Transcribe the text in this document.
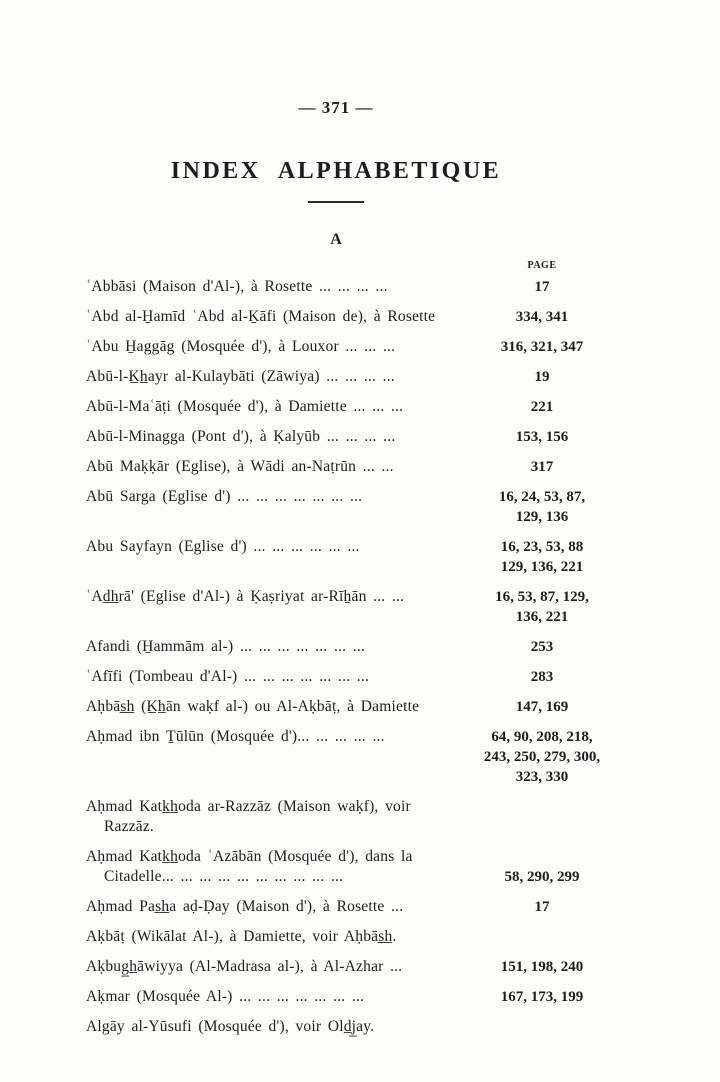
— 371 —
INDEX ALPHABETIQUE
A
PAGE
ʿAbbāsi (Maison d'Al-), à Rosette ... ... ... ...	17
ʿAbd al-H̱amīd ʿAbd al-Ḵāfi (Maison de), à Rosette	334, 341
ʿAbu H̱aggāg (Mosquée d'), à Louxor ... ... ...	316, 321, 347
Abū-l-K̲h̲ayr al-Kulaybāti (Zāwiya) ... ... ... ...	19
Abū-l-Maʿāṭi (Mosquée d'), à Damiette ... ... ...	221
Abū-l-Minagga (Pont d'), à Ḳalyūb ... ... ... ...	153, 156
Abū Maḳḳār (Eglise), à Wādi an-Naṭrūn ... ...	317
Abū Sarga (Eglise d') ... ... ... ... ... ... ...	16, 24, 53, 87,
129, 136
Abu Sayfayn (Eglise d') ... ... ... ... ... ...	16, 23, 53, 88
129, 136, 221
ʿAd̲h̲rā' (Eglise d'Al-) à Ḳaṣriyat ar-Rīẖān ... ...	16, 53, 87, 129,
136, 221
Afandi (H̱ammām al-) ... ... ... ... ... ... ...	253
ʿAfīfi (Tombeau d'Al-) ... ... ... ... ... ... ...	283
Aḥbās̲h̲ (K̲h̲ān waḳf al-) ou Al-Aḳbāṭ, à Damiette	147, 169
Aḥmad ibn Ṯūlūn (Mosquée d')... ... ... ... ...	64, 90, 208, 218,
243, 250, 279, 300,
323, 330
Aḥmad Katk̲h̲oda ar-Razzāz (Maison waḳf), voir
Razzāz.
Aḥmad Katk̲h̲oda ʿAzābān (Mosquée d'), dans la
Citadelle... ... ... ... ... ... ... ... ... ...	58, 290, 299
Aḥmad Pas̲h̲a aḍ-Ḍay (Maison d'), à Rosette ...	17
Aḳbāṭ (Wikālat Al-), à Damiette, voir Aḥbās̲h̲.
Aḳbug̲h̲āwiyya (Al-Madrasa al-), à Al-Azhar ...	151, 198, 240
Aḳmar (Mosquée Al-) ... ... ... ... ... ... ...	167, 173, 199
Algāy al-Yūsufi (Mosquée d'), voir Old̲j̲ay.
